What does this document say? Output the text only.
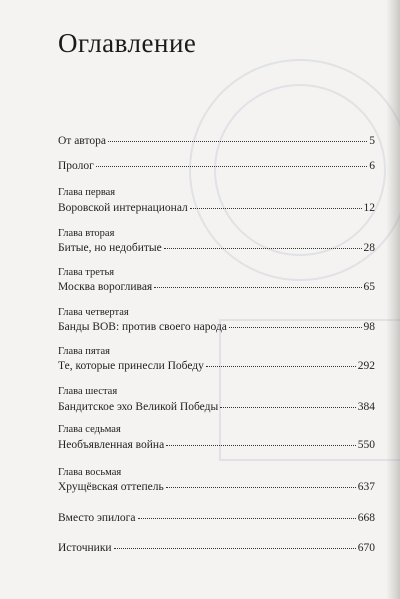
Оглавление
От автора	5
Пролог	6
Глава первая
Воровской интернационал	12
Глава вторая
Битые, но недобитые	28
Глава третья
Москва ворогливая	65
Глава четвертая
Банды ВОВ: против своего народа	98
Глава пятая
Те, которые принесли Победу	292
Глава шестая
Бандитское эхо Великой Победы	384
Глава седьмая
Необъявленная война	550
Глава восьмая
Хрущёвская оттепель	637
Вместо эпилога	668
Источники	670
